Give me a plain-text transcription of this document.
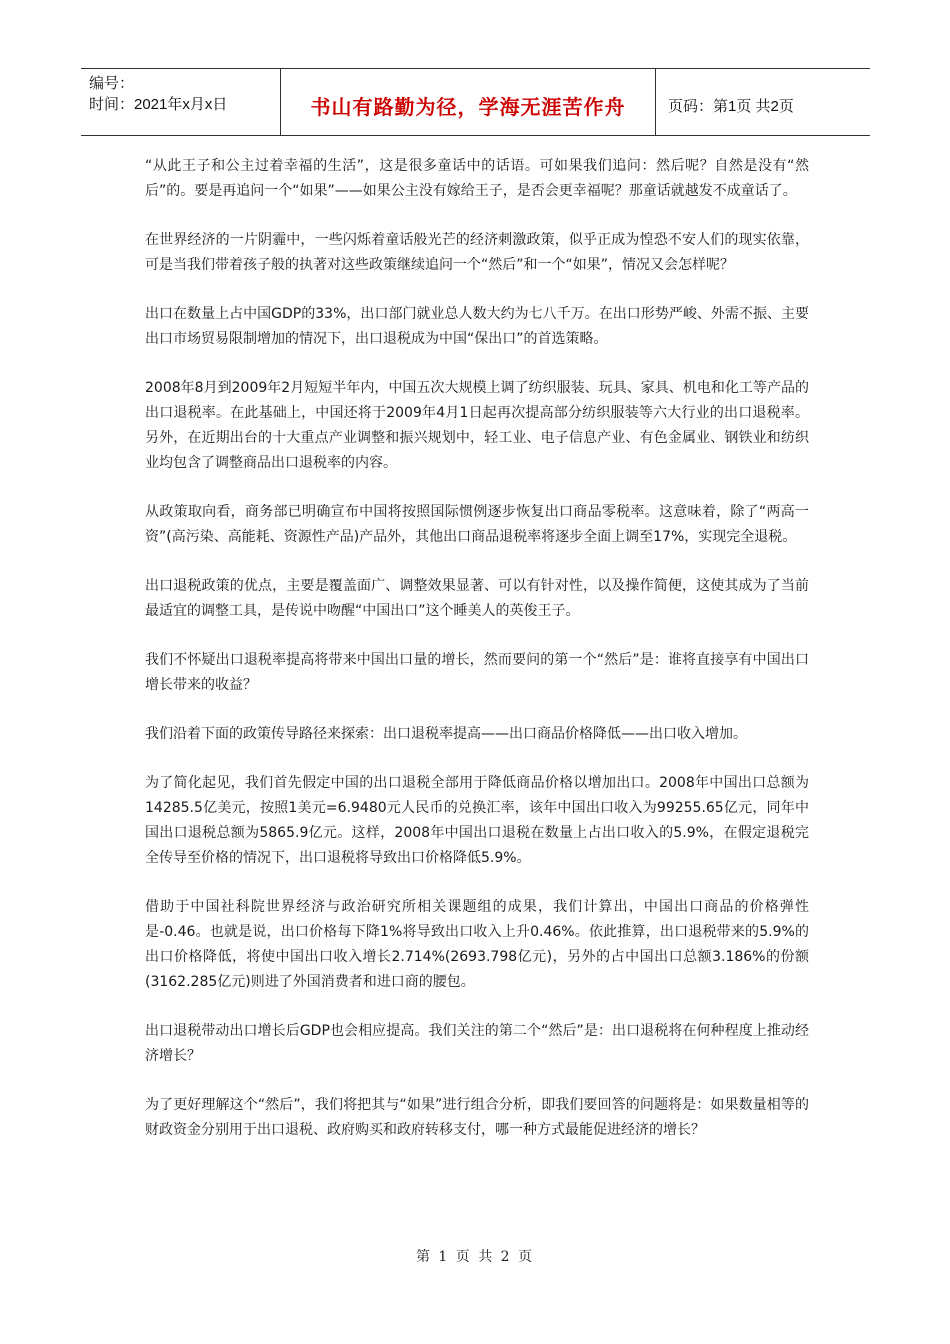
编号：
时间：2021年x月x日	书山有路勤为径，学海无涯苦作舟	页码：第1页 共2页

“从此王子和公主过着幸福的生活”，这是很多童话中的话语。可如果我们追问：然后呢？自然是没有“然后”的。要是再追问一个“如果”——如果公主没有嫁给王子，是否会更幸福呢？那童话就越发不成童话了。

在世界经济的一片阴霾中，一些闪烁着童话般光芒的经济刺激政策，似乎正成为惶恐不安人们的现实依靠，可是当我们带着孩子般的执著对这些政策继续追问一个“然后”和一个“如果”，情况又会怎样呢？

出口在数量上占中国GDP的33%，出口部门就业总人数大约为七八千万。在出口形势严峻、外需不振、主要出口市场贸易限制增加的情况下，出口退税成为中国“保出口”的首选策略。

2008年8月到2009年2月短短半年内，中国五次大规模上调了纺织服装、玩具、家具、机电和化工等产品的出口退税率。在此基础上，中国还将于2009年4月1日起再次提高部分纺织服装等六大行业的出口退税率。另外，在近期出台的十大重点产业调整和振兴规划中，轻工业、电子信息产业、有色金属业、钢铁业和纺织业均包含了调整商品出口退税率的内容。

从政策取向看，商务部已明确宣布中国将按照国际惯例逐步恢复出口商品零税率。这意味着，除了“两高一资”(高污染、高能耗、资源性产品)产品外，其他出口商品退税率将逐步全面上调至17%，实现完全退税。

出口退税政策的优点，主要是覆盖面广、调整效果显著、可以有针对性，以及操作简便，这使其成为了当前最适宜的调整工具，是传说中吻醒“中国出口”这个睡美人的英俊王子。

我们不怀疑出口退税率提高将带来中国出口量的增长，然而要问的第一个“然后”是：谁将直接享有中国出口增长带来的收益？

我们沿着下面的政策传导路径来探索：出口退税率提高——出口商品价格降低——出口收入增加。

为了简化起见，我们首先假定中国的出口退税全部用于降低商品价格以增加出口。2008年中国出口总额为14285.5亿美元，按照1美元=6.9480元人民币的兑换汇率，该年中国出口收入为99255.65亿元，同年中国出口退税总额为5865.9亿元。这样，2008年中国出口退税在数量上占出口收入的5.9%，在假定退税完全传导至价格的情况下，出口退税将导致出口价格降低5.9%。

借助于中国社科院世界经济与政治研究所相关课题组的成果，我们计算出，中国出口商品的价格弹性是-0.46。也就是说，出口价格每下降1%将导致出口收入上升0.46%。依此推算，出口退税带来的5.9%的出口价格降低，将使中国出口收入增长2.714%(2693.798亿元)，另外的占中国出口总额3.186%的份额(3162.285亿元)则进了外国消费者和进口商的腰包。

出口退税带动出口增长后GDP也会相应提高。我们关注的第二个“然后”是：出口退税将在何种程度上推动经济增长？

为了更好理解这个“然后”，我们将把其与“如果”进行组合分析，即我们要回答的问题将是：如果数量相等的财政资金分别用于出口退税、政府购买和政府转移支付，哪一种方式最能促进经济的增长？

第 1 页 共 2 页
